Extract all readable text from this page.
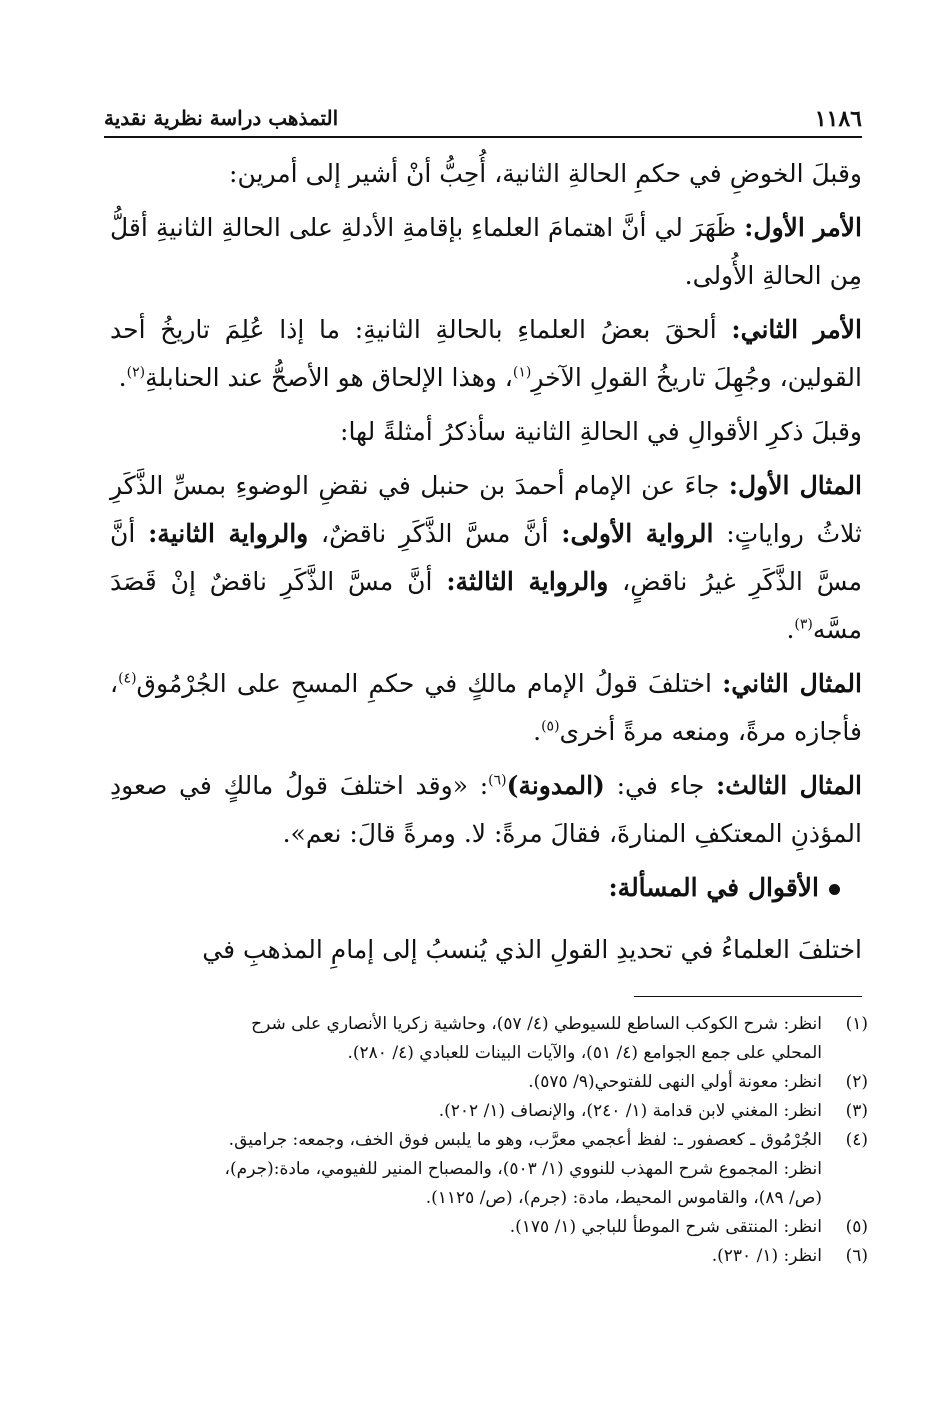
١١٨٦
التمذهب دراسة نظرية نقدية

وقبلَ الخوضِ في حكمِ الحالةِ الثانية، أُحِبُّ أنْ أشير إلى أمرين:

الأمر الأول: ظَهَرَ لي أنَّ اهتمامَ العلماءِ بإقامةِ الأدلةِ على الحالةِ الثانيةِ أقلُّ مِن الحالةِ الأُولى.

الأمر الثاني: ألحقَ بعضُ العلماءِ بالحالةِ الثانيةِ: ما إذا عُلِمَ تاريخُ أحد القولين، وجُهِلَ تاريخُ القولِ الآخرِ$^{(١)}$، وهذا الإلحاق هو الأصحُّ عند الحنابلةِ$^{(٢)}$.

وقبلَ ذكرِ الأقوالِ في الحالةِ الثانية سأذكرُ أمثلةً لها:

المثال الأول: جاءَ عن الإمام أحمدَ بن حنبل في نقضِ الوضوءِ بمسِّ الذَّكَرِ ثلاثُ رواياتٍ: الرواية الأولى: أنَّ مسَّ الذَّكَرِ ناقضٌ، والرواية الثانية: أنَّ مسَّ الذَّكَرِ غيرُ ناقضٍ، والرواية الثالثة: أنَّ مسَّ الذَّكَرِ ناقضٌ إنْ قَصَدَ مسَّه$^{(٣)}$.

المثال الثاني: اختلفَ قولُ الإمام مالكٍ في حكمِ المسحِ على الجُرْمُوق$^{(٤)}$، فأجازه مرةً، ومنعه مرةً أخرى$^{(٥)}$.

المثال الثالث: جاء في: (المدونة)$^{(٦)}$: «وقد اختلفَ قولُ مالكٍ في صعودِ المؤذنِ المعتكفِ المنارةَ، فقالَ مرةً: لا. ومرةً قالَ: نعم».

الأقوال في المسألة:

اختلفَ العلماءُ في تحديدِ القولِ الذي يُنسبُ إلى إمامِ المذهبِ في

(١)
انظر: شرح الكوكب الساطع للسيوطي (٤/ ٥٧)، وحاشية زكريا الأنصاري على شرح
المحلي على جمع الجوامع (٤/ ٥١)، والآيات البينات للعبادي (٤/ ٢٨٠).
(٢)
انظر: معونة أولي النهى للفتوحي(٩/ ٥٧٥).
(٣)
انظر: المغني لابن قدامة (١/ ٢٤٠)، والإنصاف (١/ ٢٠٢).
(٤)
الجُرْمُوق ـ كعصفور ـ: لفظ أعجمي معرَّب، وهو ما يلبس فوق الخف، وجمعه: جراميق.
انظر: المجموع شرح المهذب للنووي (١/ ٥٠٣)، والمصباح المنير للفيومي، مادة:(جرم)،
(ص/ ٨٩)، والقاموس المحيط، مادة: (جرم)، (ص/ ١١٢٥).
(٥)
انظر: المنتقى شرح الموطأ للباجي (١/ ١٧٥).
(٦)
انظر: (١/ ٢٣٠).
